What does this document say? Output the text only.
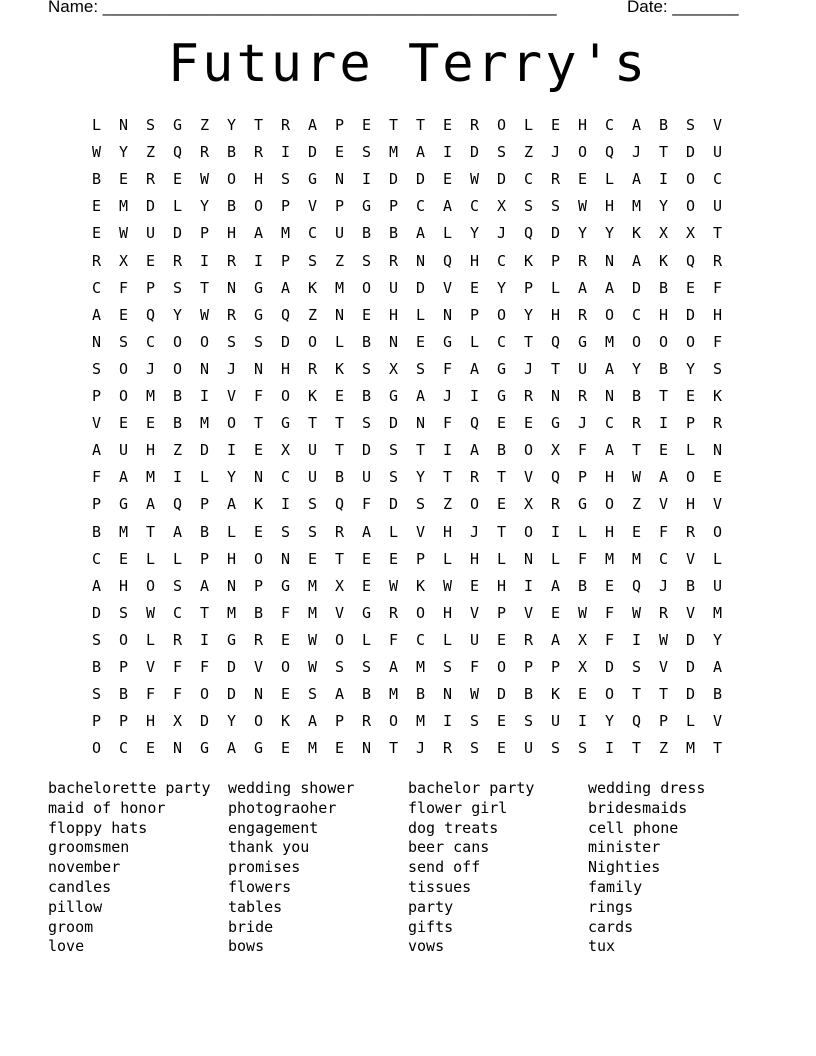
Name: ________________________________________________	Date: _______
Future Terry's
L	N	S	G	Z	Y	T	R	A	P	E	T	T	E	R	O	L	E	H	C	A	B	S	V
W	Y	Z	Q	R	B	R	I	D	E	S	M	A	I	D	S	Z	J	O	Q	J	T	D	U
B	E	R	E	W	O	H	S	G	N	I	D	D	E	W	D	C	R	E	L	A	I	O	C
E	M	D	L	Y	B	O	P	V	P	G	P	C	A	C	X	S	S	W	H	M	Y	O	U
E	W	U	D	P	H	A	M	C	U	B	B	A	L	Y	J	Q	D	Y	Y	K	X	X	T
R	X	E	R	I	R	I	P	S	Z	S	R	N	Q	H	C	K	P	R	N	A	K	Q	R
C	F	P	S	T	N	G	A	K	M	O	U	D	V	E	Y	P	L	A	A	D	B	E	F
A	E	Q	Y	W	R	G	Q	Z	N	E	H	L	N	P	O	Y	H	R	O	C	H	D	H
N	S	C	O	O	S	S	D	O	L	B	N	E	G	L	C	T	Q	G	M	O	O	O	F
S	O	J	O	N	J	N	H	R	K	S	X	S	F	A	G	J	T	U	A	Y	B	Y	S
P	O	M	B	I	V	F	O	K	E	B	G	A	J	I	G	R	N	R	N	B	T	E	K
V	E	E	B	M	O	T	G	T	T	S	D	N	F	Q	E	E	G	J	C	R	I	P	R
A	U	H	Z	D	I	E	X	U	T	D	S	T	I	A	B	O	X	F	A	T	E	L	N
F	A	M	I	L	Y	N	C	U	B	U	S	Y	T	R	T	V	Q	P	H	W	A	O	E
P	G	A	Q	P	A	K	I	S	Q	F	D	S	Z	O	E	X	R	G	O	Z	V	H	V
B	M	T	A	B	L	E	S	S	R	A	L	V	H	J	T	O	I	L	H	E	F	R	O
C	E	L	L	P	H	O	N	E	T	E	E	P	L	H	L	N	L	F	M	M	C	V	L
A	H	O	S	A	N	P	G	M	X	E	W	K	W	E	H	I	A	B	E	Q	J	B	U
D	S	W	C	T	M	B	F	M	V	G	R	O	H	V	P	V	E	W	F	W	R	V	M
S	O	L	R	I	G	R	E	W	O	L	F	C	L	U	E	R	A	X	F	I	W	D	Y
B	P	V	F	F	D	V	O	W	S	S	A	M	S	F	O	P	P	X	D	S	V	D	A
S	B	F	F	O	D	N	E	S	A	B	M	B	N	W	D	B	K	E	O	T	T	D	B
P	P	H	X	D	Y	O	K	A	P	R	O	M	I	S	E	S	U	I	Y	Q	P	L	V
O	C	E	N	G	A	G	E	M	E	N	T	J	R	S	E	U	S	S	I	T	Z	M	T
bachelorette party
maid of honor
floppy hats
groomsmen
november
candles
pillow
groom
love
wedding shower
photograoher
engagement
thank you
promises
flowers
tables
bride
bows
bachelor party
flower girl
dog treats
beer cans
send off
tissues
party
gifts
vows
wedding dress
bridesmaids
cell phone
minister
Nighties
family
rings
cards
tux
